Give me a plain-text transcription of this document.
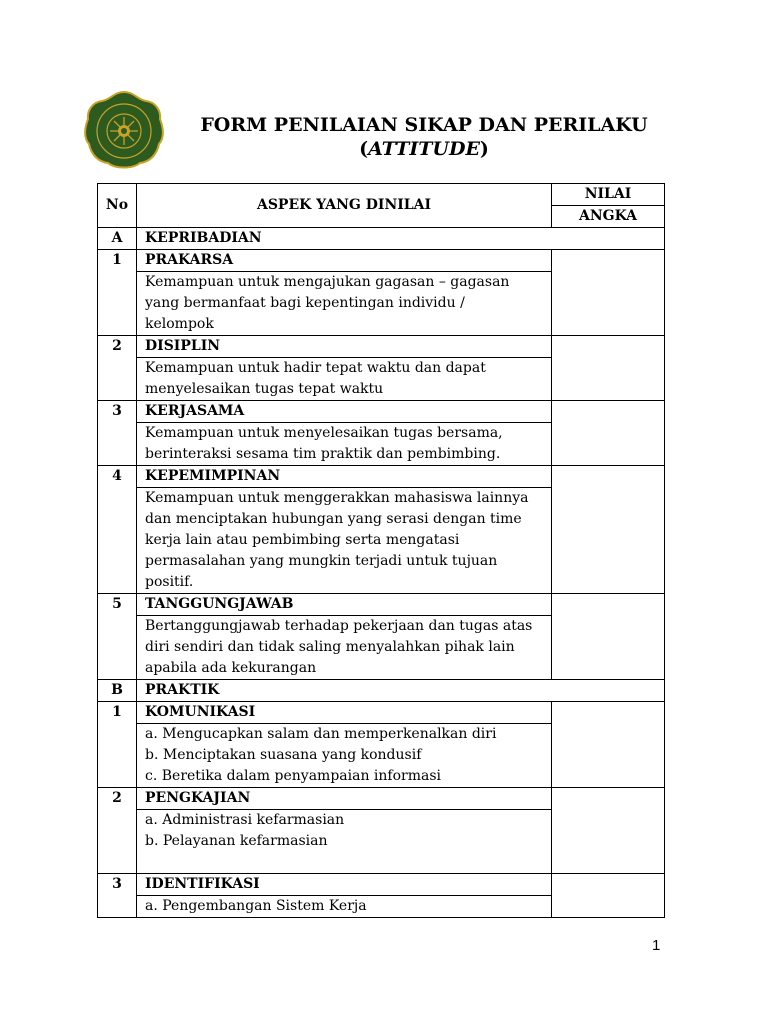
FORM PENILAIAN SIKAP DAN PERILAKU
(ATTITUDE)
No	ASPEK YANG DINILAI	NILAI
		ANGKA
A	KEPRIBADIAN	
1	PRAKARSA	

	Kemampuan untuk mengajukan gagasan – gagasan
yang bermanfaat bagi kepentingan individu /
kelompok	

2	DISIPLIN	

	Kemampuan untuk hadir tepat waktu dan dapat
menyelesaikan tugas tepat waktu	

3	KERJASAMA	

	Kemampuan untuk menyelesaikan tugas bersama,
berinteraksi sesama tim praktik dan pembimbing.	

4	KEPEMIMPINAN	

	Kemampuan untuk menggerakkan mahasiswa lainnya
dan menciptakan hubungan yang serasi dengan time
kerja lain atau pembimbing serta mengatasi
permasalahan yang mungkin terjadi untuk tujuan
positif.	

5	TANGGUNGJAWAB	

	Bertanggungjawab terhadap pekerjaan dan tugas atas
diri sendiri dan tidak saling menyalahkan pihak lain
apabila ada kekurangan	

B	PRAKTIK	
1	KOMUNIKASI	

	a. Mengucapkan salam dan memperkenalkan diri
b. Menciptakan suasana yang kondusif
c. Beretika dalam penyampaian informasi	

2	PENGKAJIAN	

	a. Administrasi kefarmasian
b. Pelayanan kefarmasian	

3	IDENTIFIKASI	

	a. Pengembangan Sistem Kerja	
1
